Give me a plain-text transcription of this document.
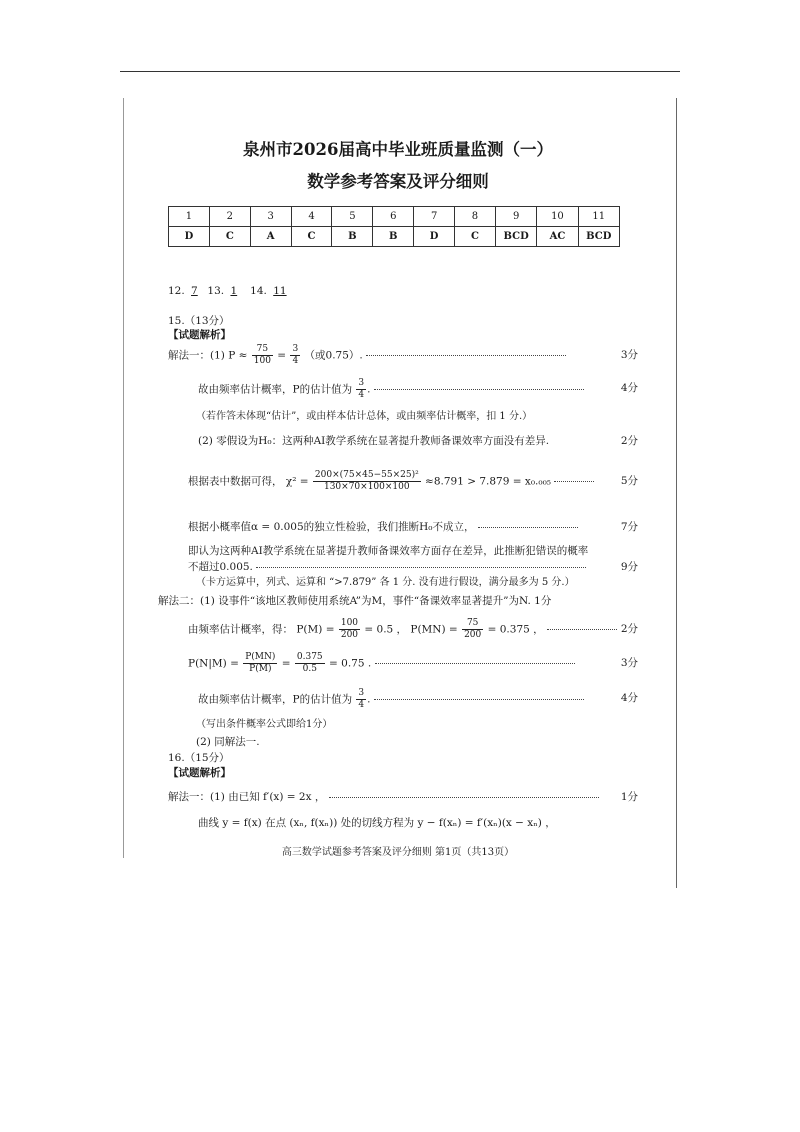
泉州市2026届高中毕业班质量监测（一）
数学参考答案及评分细则
1	2	3	4	5	6	7	8	9	10	11
D	C	A	C	B	B	D	C	BCD	AC	BCD
12. 7 13. 1 14. 11
15.（13分）
【试题解析】
解法一：(1) $P \approx \frac{75}{100} = \frac{3}{4}$ （或0.75）.	3分
故由频率估计概率，P的估计值为 $\frac{3}{4}$ .	4分
（若作答未体现“估计”，或由样本估计总体，或由频率估计概率，扣 1 分.）
(2) 零假设为H₀：这两种AI教学系统在显著提升教师备课效率方面没有差异.	2分
根据表中数据可得， $\chi^2 = \frac{\text{200×(75×45−55×25)²}}{130\times 70\times 100\times 100} \approx 8.791 > 7.879 = x_0._{005}$	5分
根据小概率值α = 0.005的独立性检验，我们推断H₀不成立，	7分
即认为这两种AI教学系统在显著提升教师备课效率方面存在差异，此推断犯错误的概率
不超过0.005.	9分
（卡方运算中，列式、运算和 “>7.879” 各 1 分. 没有进行假设，满分最多为 5 分.）
解法二：(1) 设事件“该地区教师使用系统A”为M，事件“备课效率显著提升”为N. 1分
由频率估计概率，得： $P(M) = \frac{100}{200} = 0.5$ ， $P(MN) = \frac{75}{200} = 0.375$ ，	2分
$P(N|M) = \frac{P(MN)}{P(M)} = \frac{0.375}{0.5} = 0.75$ .	3分
故由频率估计概率，P的估计值为 $\frac{3}{4}$ .	4分
（写出条件概率公式即给1分）
(2) 同解法一.
16.（15分）
【试题解析】
解法一：(1) 由已知 f′(x) = 2x ，	1分
曲线 y = f(x) 在点 (xₙ, f(xₙ)) 处的切线方程为 y − f(xₙ) = f′(xₙ)(x − xₙ) ，
高三数学试题参考答案及评分细则 第1页（共13页）
